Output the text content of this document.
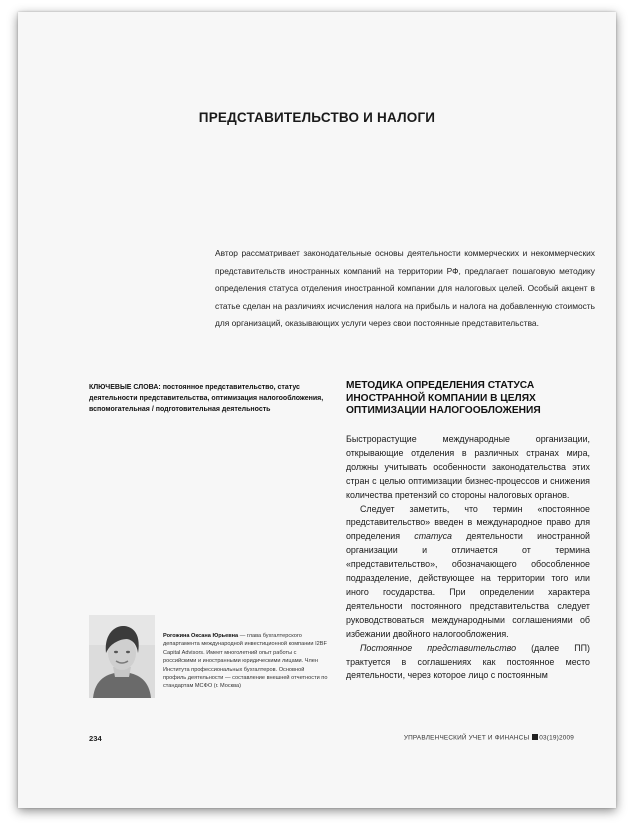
ПРЕДСТАВИТЕЛЬСТВО И НАЛОГИ
Автор рассматривает законодательные основы деятельности коммерческих и некоммерческих представительств иностранных компаний на территории РФ, предлагает пошаговую методику определения статуса отделения иностранной компании для налоговых целей. Особый акцент в статье сделан на различиях исчисления налога на прибыль и налога на добавленную стоимость для организаций, оказывающих услуги через свои постоянные представительства.
КЛЮЧЕВЫЕ СЛОВА: постоянное представительство, статус деятельности представительства, оптимизация налогообложения, вспомогательная / подготовительная деятельность
МЕТОДИКА ОПРЕДЕЛЕНИЯ СТАТУСА ИНОСТРАННОЙ КОМПАНИИ В ЦЕЛЯХ ОПТИМИЗАЦИИ НАЛОГООБЛОЖЕНИЯ

Быстрорастущие международные организации, открывающие отделения в различных странах мира, должны учитывать особенности законодательства этих стран с целью оптимизации бизнес-процессов и снижения количества претензий со стороны налоговых органов.

Следует заметить, что термин «постоянное представительство» введен в международное право для определения статуса деятельности иностранной организации и отличается от термина «представительство», обозначающего обособленное подразделение, действующее на территории того или иного государства. При определении характера деятельности постоянного представительства следует руководствоваться международными соглашениями об избежании двойного налогообложения.

Постоянное представительство (далее ПП) трактуется в соглашениях как постоянное место деятельности, через которое лицо с постоянным

Рогожина Оксана Юрьевна — глава бухгалтерского департамента международной инвестиционной компании I2BF Capital Advisors. Имеет многолетний опыт работы с российскими и иностранными юридическими лицами. Член Института профессиональных бухгалтеров. Основной профиль деятельности — составление внешней отчетности по стандартам МСФО (г. Москва)
234	УПРАВЛЕНЧЕСКИЙ УЧЕТ И ФИНАНСЫ 03(19)2009
